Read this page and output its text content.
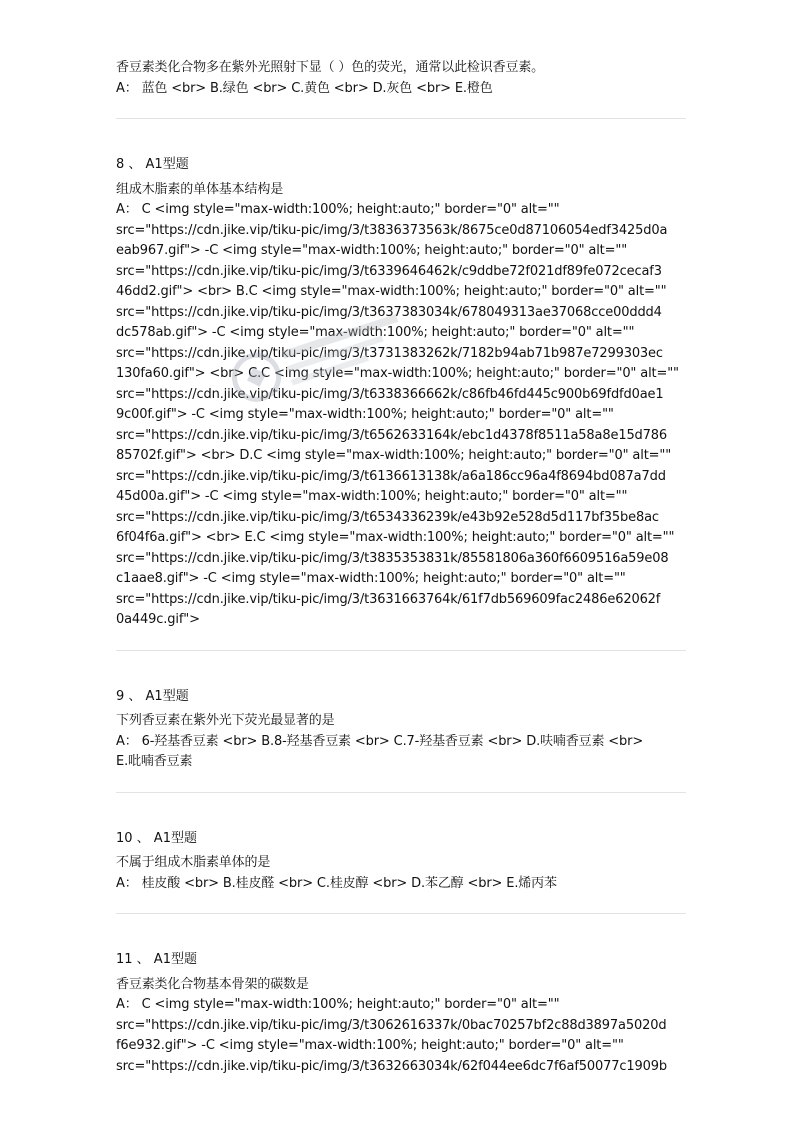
香豆素类化合物多在紫外光照射下显（ ）色的荧光，通常以此检识香豆素。
A： 蓝色 <br> B.绿色 <br> C.黄色 <br> D.灰色 <br> E.橙色
8 、 A1型题
组成木脂素的单体基本结构是
A： C <img style="max-width:100%; height:auto;" border="0" alt=""
src="https://cdn.jike.vip/tiku-pic/img/3/t3836373563k/8675ce0d87106054edf3425d0a
eab967.gif"> -C <img style="max-width:100%; height:auto;" border="0" alt=""
src="https://cdn.jike.vip/tiku-pic/img/3/t6339646462k/c9ddbe72f021df89fe072cecaf3
46dd2.gif"> <br> B.C <img style="max-width:100%; height:auto;" border="0" alt=""
src="https://cdn.jike.vip/tiku-pic/img/3/t3637383034k/678049313ae37068cce00ddd4
dc578ab.gif"> -C <img style="max-width:100%; height:auto;" border="0" alt=""
src="https://cdn.jike.vip/tiku-pic/img/3/t3731383262k/7182b94ab71b987e7299303ec
130fa60.gif"> <br> C.C <img style="max-width:100%; height:auto;" border="0" alt=""
src="https://cdn.jike.vip/tiku-pic/img/3/t6338366662k/c86fb46fd445c900b69fdfd0ae1
9c00f.gif"> -C <img style="max-width:100%; height:auto;" border="0" alt=""
src="https://cdn.jike.vip/tiku-pic/img/3/t6562633164k/ebc1d4378f8511a58a8e15d786
85702f.gif"> <br> D.C <img style="max-width:100%; height:auto;" border="0" alt=""
src="https://cdn.jike.vip/tiku-pic/img/3/t6136613138k/a6a186cc96a4f8694bd087a7dd
45d00a.gif"> -C <img style="max-width:100%; height:auto;" border="0" alt=""
src="https://cdn.jike.vip/tiku-pic/img/3/t6534336239k/e43b92e528d5d117bf35be8ac
6f04f6a.gif"> <br> E.C <img style="max-width:100%; height:auto;" border="0" alt=""
src="https://cdn.jike.vip/tiku-pic/img/3/t3835353831k/85581806a360f6609516a59e08
c1aae8.gif"> -C <img style="max-width:100%; height:auto;" border="0" alt=""
src="https://cdn.jike.vip/tiku-pic/img/3/t3631663764k/61f7db569609fac2486e62062f
0a449c.gif">
9 、 A1型题
下列香豆素在紫外光下荧光最显著的是
A： 6-羟基香豆素 <br> B.8-羟基香豆素 <br> C.7-羟基香豆素 <br> D.呋喃香豆素 <br>
E.吡喃香豆素
10 、 A1型题
不属于组成木脂素单体的是
A： 桂皮酸 <br> B.桂皮醛 <br> C.桂皮醇 <br> D.苯乙醇 <br> E.烯丙苯
11 、 A1型题
香豆素类化合物基本骨架的碳数是
A： C <img style="max-width:100%; height:auto;" border="0" alt=""
src="https://cdn.jike.vip/tiku-pic/img/3/t3062616337k/0bac70257bf2c88d3897a5020d
f6e932.gif"> -C <img style="max-width:100%; height:auto;" border="0" alt=""
src="https://cdn.jike.vip/tiku-pic/img/3/t3632663034k/62f044ee6dc7f6af50077c1909b
